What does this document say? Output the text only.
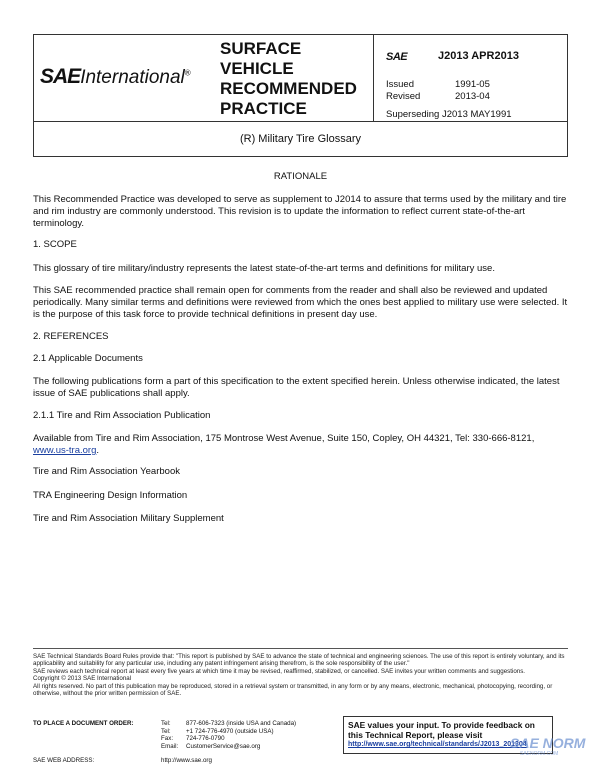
SAEInternational®
SURFACE
VEHICLE
RECOMMENDED
PRACTICE
SAE	J2013 APR2013
Issued	1991-05
Revised	2013-04
Superseding J2013 MAY1991
(R) Military Tire Glossary

RATIONALE

This Recommended Practice was developed to serve as supplement to J2014 to assure that terms used by the military and tire and rim industry are commonly understood. This revision is to update the information to reflect current state-of-the-art terminology.

1. SCOPE

This glossary of tire military/industry represents the latest state-of-the-art terms and definitions for military use.

This SAE recommended practice shall remain open for comments from the reader and shall also be reviewed and updated periodically. Many similar terms and definitions were reviewed from which the ones best applied to military use were selected. It is the purpose of this task force to provide technical definitions in present day use.

2. REFERENCES

2.1 Applicable Documents

The following publications form a part of this specification to the extent specified herein. Unless otherwise indicated, the latest issue of SAE publications shall apply.

2.1.1 Tire and Rim Association Publication

Available from Tire and Rim Association, 175 Montrose West Avenue, Suite 150, Copley, OH 44321, Tel: 330-666-8121, www.us-tra.org.

Tire and Rim Association Yearbook

TRA Engineering Design Information

Tire and Rim Association Military Supplement

SAE Technical Standards Board Rules provide that: "This report is published by SAE to advance the state of technical and engineering sciences. The use of this report is entirely voluntary, and its applicability and suitability for any particular use, including any patent infringement arising therefrom, is the sole responsibility of the user."
SAE reviews each technical report at least every five years at which time it may be revised, reaffirmed, stabilized, or cancelled. SAE invites your written comments and suggestions.
Copyright © 2013 SAE International
All rights reserved. No part of this publication may be reproduced, stored in a retrieval system or transmitted, in any form or by any means, electronic, mechanical, photocopying, recording, or otherwise, without the prior written permission of SAE.
TO PLACE A DOCUMENT ORDER:
SAE WEB ADDRESS:
Tel: 877-606-7323 (inside USA and Canada)
Tel: +1 724-776-4970 (outside USA)
Fax: 724-776-0790
Email: CustomerService@sae.org
http://www.sae.org
SAE values your input. To provide feedback on this Technical Report, please visit
http://www.sae.org/technical/standards/J2013_201304
SAE NORM
SAENORM.COM
